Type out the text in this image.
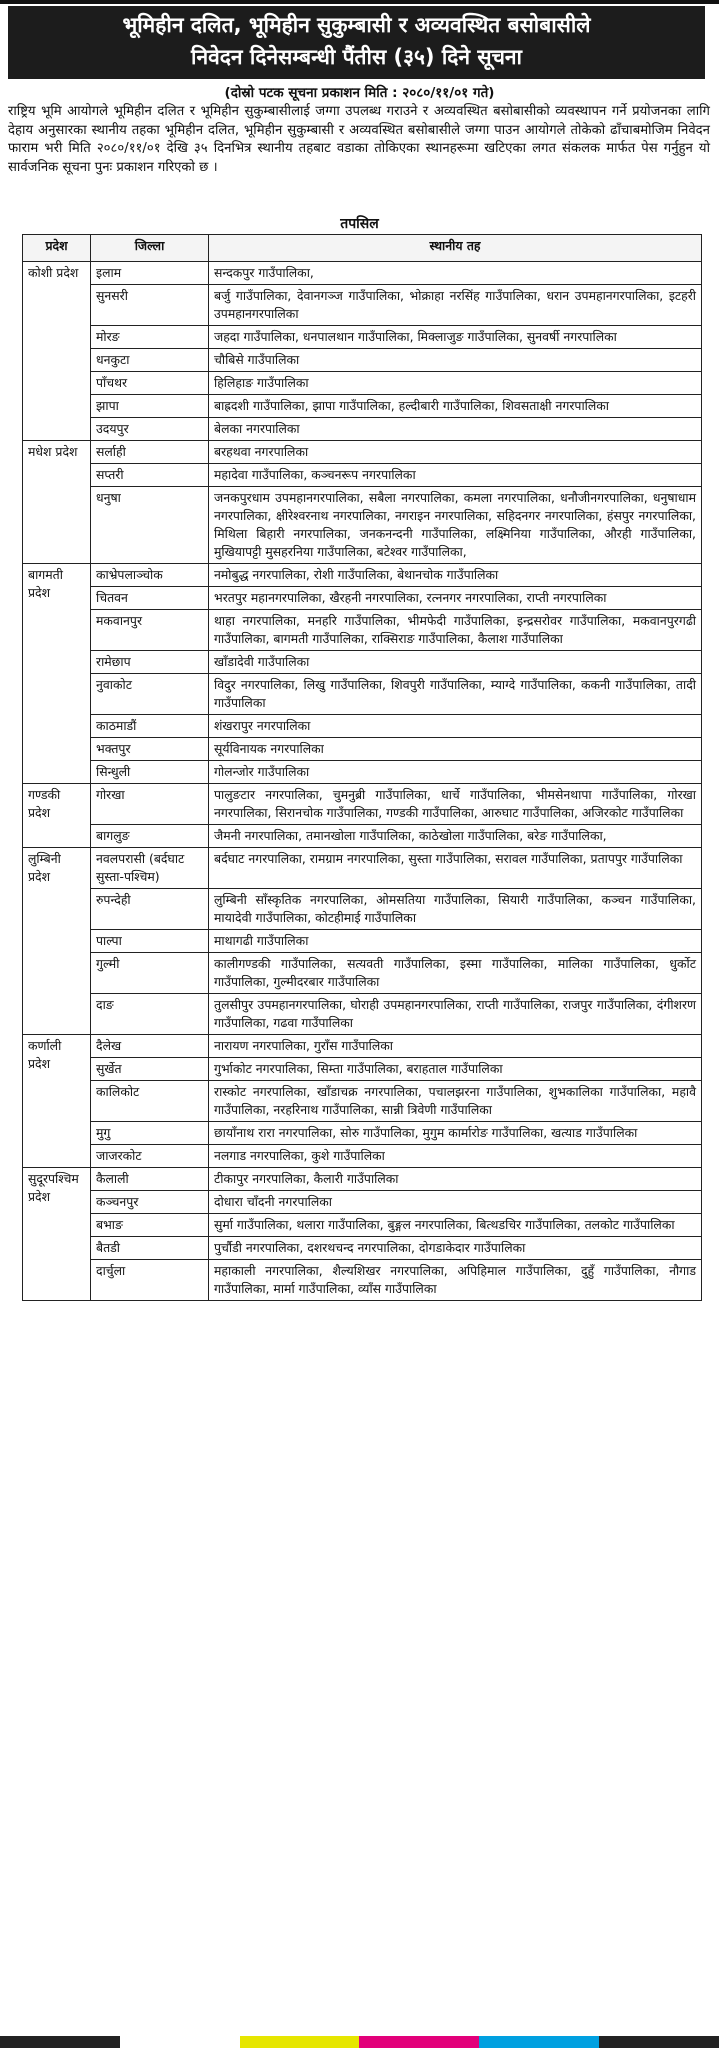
भूमिहीन दलित, भूमिहीन सुकुम्बासी र अव्यवस्थित बसोबासीले
निवेदन दिनेसम्बन्धी पैंतीस (३५) दिने सूचना
(दोस्रो पटक सूचना प्रकाशन मिति : २०८०/११/०१ गते)
राष्ट्रिय भूमि आयोगले भूमिहीन दलित र भूमिहीन सुकुम्बासीलाई जग्गा उपलब्ध गराउने र अव्यवस्थित बसोबासीको व्यवस्थापन गर्ने प्रयोजनका लागि देहाय अनुसारका स्थानीय तहका भूमिहीन दलित, भूमिहीन सुकुम्बासी र अव्यवस्थित बसोबासीले जग्गा पाउन आयोगले तोकेको ढाँचाबमोजिम निवेदन फाराम भरी मिति २०८०/११/०१ देखि ३५ दिनभित्र स्थानीय तहबाट वडाका तोकिएका स्थानहरूमा खटिएका लगत संकलक मार्फत पेस गर्नुहुन यो सार्वजनिक सूचना पुनः प्रकाशन गरिएको छ ।
तपसिल
प्रदेश	जिल्ला	स्थानीय तह
कोशी प्रदेश	इलाम	सन्दकपुर गाउँपालिका,
	सुनसरी	बर्जु गाउँपालिका, देवानगञ्ज गाउँपालिका, भोक्राहा नरसिंह गाउँपालिका, धरान उपमहानगरपालिका, इटहरी उपमहानगरपालिका
	मोरङ	जहदा गाउँपालिका, धनपालथान गाउँपालिका, मिक्लाजुङ गाउँपालिका, सुनवर्षी नगरपालिका
	धनकुटा	चौबिसे गाउँपालिका
	पाँचथर	हिलिहाङ गाउँपालिका
	झापा	बाह्रदशी गाउँपालिका, झापा गाउँपालिका, हल्दीबारी गाउँपालिका, शिवसताक्षी नगरपालिका
	उदयपुर	बेलका नगरपालिका
मधेश प्रदेश	सर्लाही	बरहथवा नगरपालिका
	सप्तरी	महादेवा गाउँपालिका, कञ्चनरूप नगरपालिका
	धनुषा	जनकपुरधाम उपमहानगरपालिका, सबैला नगरपालिका, कमला नगरपालिका, धनौजीनगरपालिका, धनुषाधाम नगरपालिका, क्षीरेश्वरनाथ नगरपालिका, नगराइन नगरपालिका, सहिदनगर नगरपालिका, हंसपुर नगरपालिका, मिथिला बिहारी नगरपालिका, जनकनन्दनी गाउँपालिका, लक्ष्मिनिया गाउँपालिका, औरही गाउँपालिका, मुखियापट्टी मुसहरनिया गाउँपालिका, बटेश्वर गाउँपालिका,
बागमती प्रदेश	काभ्रेपलाञ्चोक	नमोबुद्ध नगरपालिका, रोशी गाउँपालिका, बेथानचोक गाउँपालिका
	चितवन	भरतपुर महानगरपालिका, खैरहनी नगरपालिका, रत्ननगर नगरपालिका, राप्ती नगरपालिका
	मकवानपुर	थाहा नगरपालिका, मनहरि गाउँपालिका, भीमफेदी गाउँपालिका, इन्द्रसरोवर गाउँपालिका, मकवानपुरगढी गाउँपालिका, बागमती गाउँपालिका, राक्सिराङ गाउँपालिका, कैलाश गाउँपालिका
	रामेछाप	खाँडादेवी गाउँपालिका
	नुवाकोट	विदुर नगरपालिका, लिखु गाउँपालिका, शिवपुरी गाउँपालिका, म्याग्दे गाउँपालिका, ककनी गाउँपालिका, तादी गाउँपालिका
	काठमाडौं	शंखरापुर नगरपालिका
	भक्तपुर	सूर्यविनायक नगरपालिका
	सिन्धुली	गोलन्जोर गाउँपालिका
गण्डकी प्रदेश	गोरखा	पालुङटार नगरपालिका, चुमनुब्री गाउँपालिका, धार्चे गाउँपालिका, भीमसेनथापा गाउँपालिका, गोरखा नगरपालिका, सिरानचोक गाउँपालिका, गण्डकी गाउँपालिका, आरुघाट गाउँपालिका, अजिरकोट गाउँपालिका
	बागलुङ	जैमनी नगरपालिका, तमानखोला गाउँपालिका, काठेखोला गाउँपालिका, बरेङ गाउँपालिका,
लुम्बिनी प्रदेश	नवलपरासी (बर्दघाट सुस्ता-पश्चिम)	बर्दघाट नगरपालिका, रामग्राम नगरपालिका, सुस्ता गाउँपालिका, सरावल गाउँपालिका, प्रतापपुर गाउँपालिका
	रुपन्देही	लुम्बिनी साँस्कृतिक नगरपालिका, ओमसतिया गाउँपालिका, सियारी गाउँपालिका, कञ्चन गाउँपालिका, मायादेवी गाउँपालिका, कोटहीमाई गाउँपालिका
	पाल्पा	माथागढी गाउँपालिका
	गुल्मी	कालीगण्डकी गाउँपालिका, सत्यवती गाउँपालिका, इस्मा गाउँपालिका, मालिका गाउँपालिका, धुर्कोट गाउँपालिका, गुल्मीदरबार गाउँपालिका
	दाङ	तुलसीपुर उपमहानगरपालिका, घोराही उपमहानगरपालिका, राप्ती गाउँपालिका, राजपुर गाउँपालिका, दंगीशरण गाउँपालिका, गढवा गाउँपालिका
कर्णाली प्रदेश	दैलेख	नारायण नगरपालिका, गुराँस गाउँपालिका
	सुर्खेत	गुर्भाकोट नगरपालिका, सिम्ता गाउँपालिका, बराहताल गाउँपालिका
	कालिकोट	रास्कोट नगरपालिका, खाँडाचक्र नगरपालिका, पचालझरना गाउँपालिका, शुभकालिका गाउँपालिका, महावै गाउँपालिका, नरहरिनाथ गाउँपालिका, सान्नी त्रिवेणी गाउँपालिका
	मुगु	छायाँनाथ रारा नगरपालिका, सोरु गाउँपालिका, मुगुम कार्मारोङ गाउँपालिका, खत्याड गाउँपालिका
	जाजरकोट	नलगाड नगरपालिका, कुशे गाउँपालिका
सुदूरपश्चिम प्रदेश	कैलाली	टीकापुर नगरपालिका, कैलारी गाउँपालिका
	कञ्चनपुर	दोधारा चाँदनी नगरपालिका
	बभाङ	सुर्मा गाउँपालिका, थलारा गाउँपालिका, बुङ्गल नगरपालिका, बित्थडचिर गाउँपालिका, तलकोट गाउँपालिका
	बैतडी	पुर्चौडी नगरपालिका, दशरथचन्द नगरपालिका, दोगडाकेदार गाउँपालिका
	दार्चुला	महाकाली नगरपालिका, शैल्यशिखर नगरपालिका, अपिहिमाल गाउँपालिका, दुहुँ गाउँपालिका, नौगाड गाउँपालिका, मार्मा गाउँपालिका, व्याँस गाउँपालिका
